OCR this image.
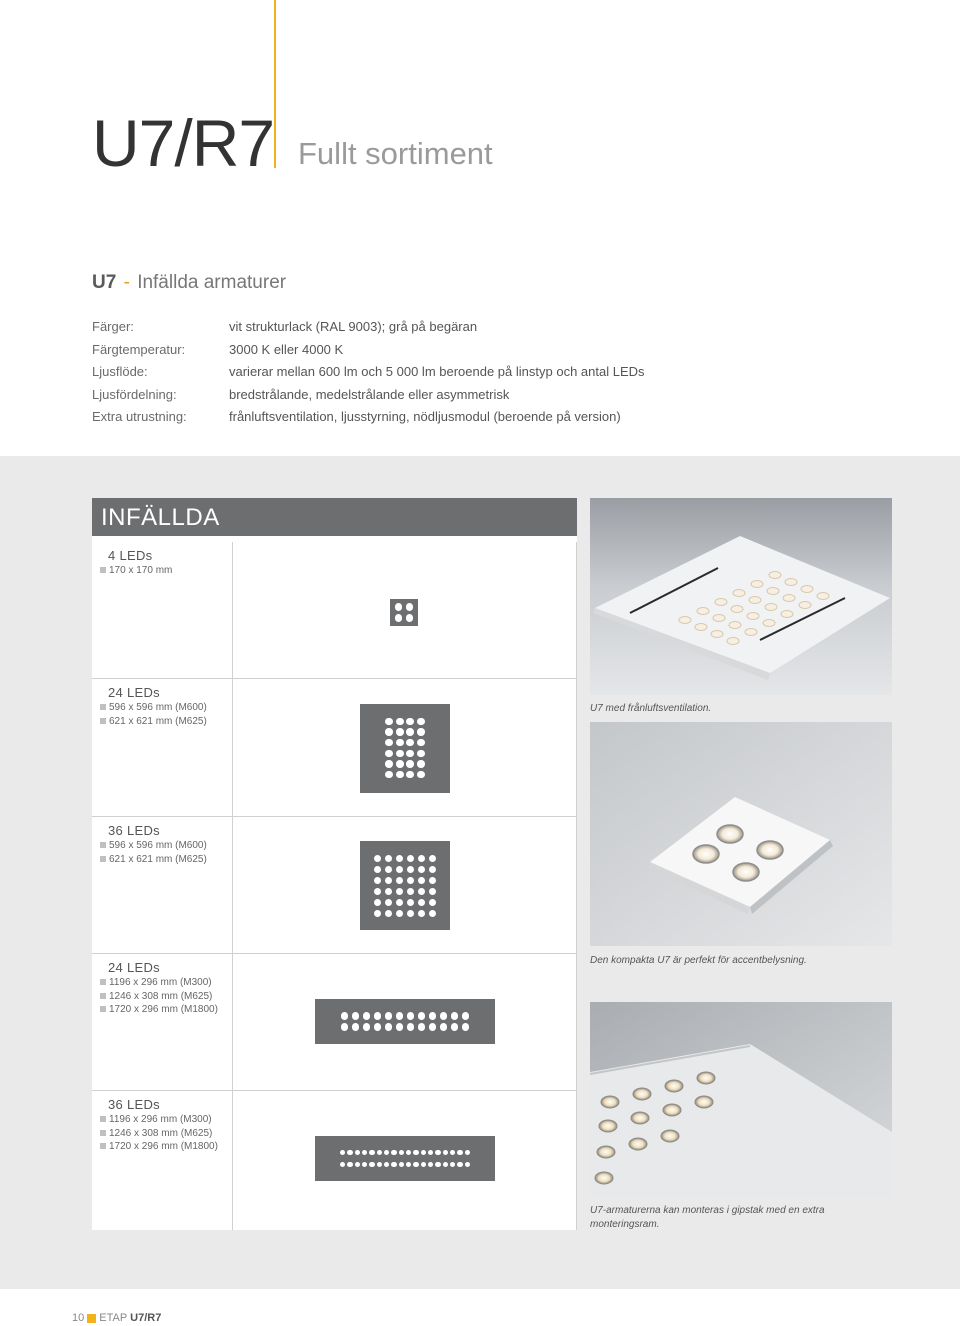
U7/R7 Fullt sortiment
U7 - Infällda armaturer
Färger:	vit strukturlack (RAL 9003); grå på begäran
Färgtemperatur:	3000 K eller 4000 K
Ljusflöde:	varierar mellan 600 lm och 5 000 lm beroende på linstyp och antal LEDs
Ljusfördelning:	bredstrålande, medelstrålande eller asymmetrisk
Extra utrustning:	frånluftsventilation, ljusstyrning, nödljusmodul (beroende på version)
INFÄLLDA
4 LEDs
170 x 170 mm
24 LEDs
596 x 596 mm (M600)
621 x 621 mm (M625)
36 LEDs
596 x 596 mm (M600)
621 x 621 mm (M625)
24 LEDs
1196 x 296 mm (M300)
1246 x 308 mm (M625)
1720 x 296 mm (M1800)
36 LEDs
1196 x 296 mm (M300)
1246 x 308 mm (M625)
1720 x 296 mm (M1800)
U7 med frånluftsventilation.
Den kompakta U7 är perfekt för accentbelysning.
U7-armaturerna kan monteras i gipstak med en extra monteringsram.
10 ETAP U7/R7
